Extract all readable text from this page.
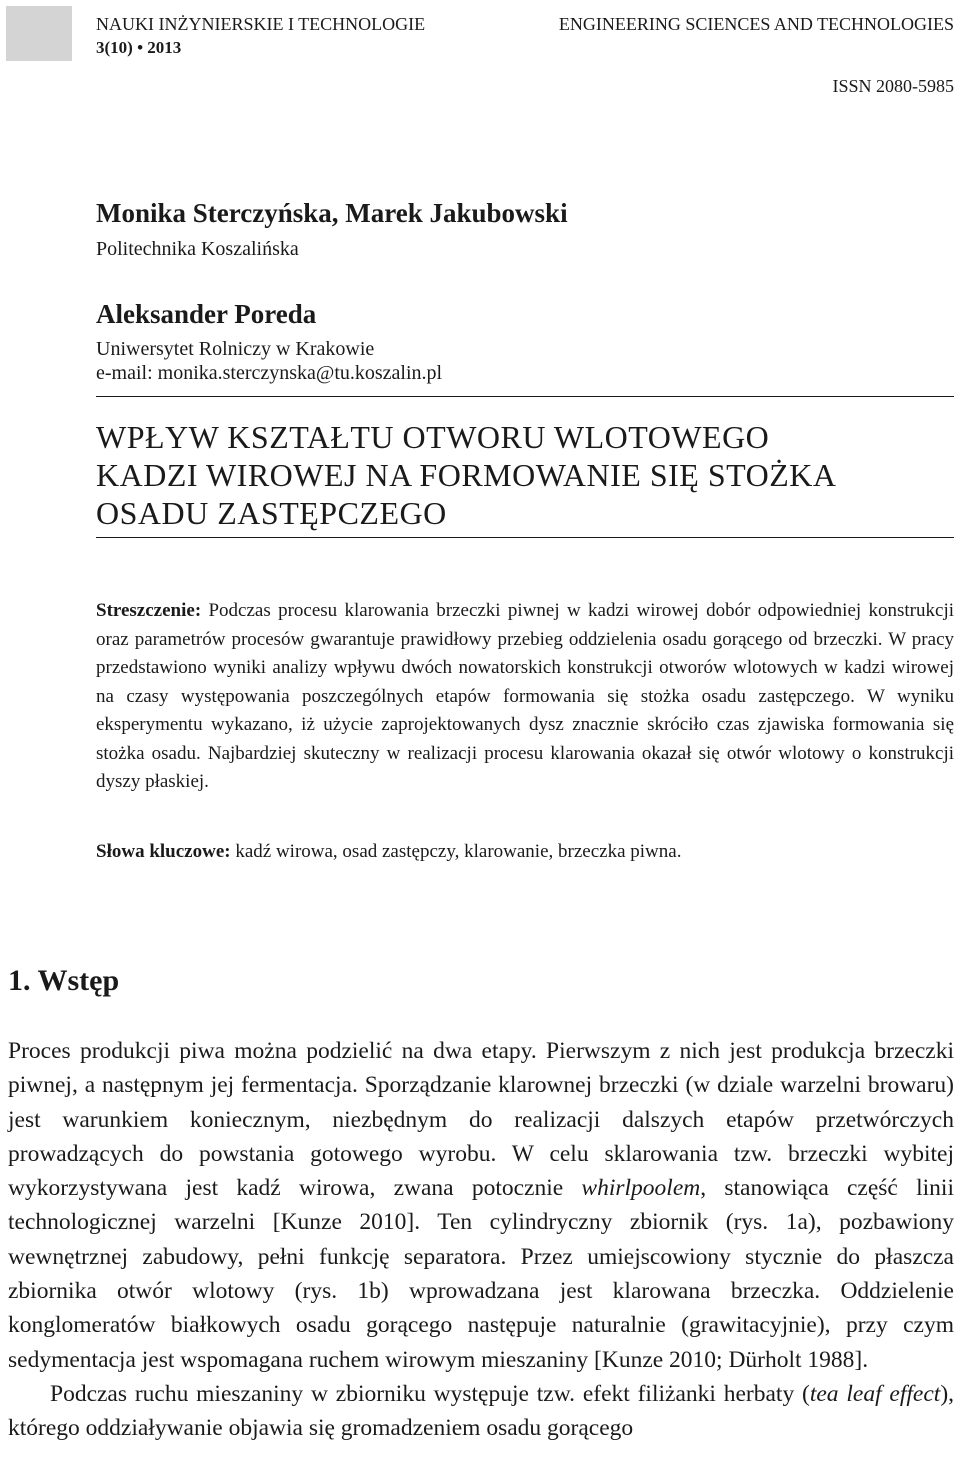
NAUKI INŻYNIERSKIE I TECHNOLOGIE	ENGINEERING SCIENCES AND TECHNOLOGIES
3(10) • 2013
ISSN 2080-5985
Monika Sterczyńska, Marek Jakubowski
Politechnika Koszalińska
Aleksander Poreda
Uniwersytet Rolniczy w Krakowie
e-mail: monika.sterczynska@tu.koszalin.pl
WPŁYW KSZTAŁTU OTWORU WLOTOWEGO
KADZI WIROWEJ NA FORMOWANIE SIĘ STOŻKA
OSADU ZASTĘPCZEGO

Streszczenie: Podczas procesu klarowania brzeczki piwnej w kadzi wirowej dobór odpowiedniej konstrukcji oraz parametrów procesów gwarantuje prawidłowy przebieg oddzielenia osadu gorącego od brzeczki. W pracy przedstawiono wyniki analizy wpływu dwóch nowatorskich konstrukcji otworów wlotowych w kadzi wirowej na czasy występowania poszczególnych etapów formowania się stożka osadu zastępczego. W wyniku eksperymentu wykazano, iż użycie zaprojektowanych dysz znacznie skróciło czas zjawiska formowania się stożka osadu. Najbardziej skuteczny w realizacji procesu klarowania okazał się otwór wlotowy o konstrukcji dyszy płaskiej.

Słowa kluczowe: kadź wirowa, osad zastępczy, klarowanie, brzeczka piwna.

1. Wstęp

Proces produkcji piwa można podzielić na dwa etapy. Pierwszym z nich jest produkcja brzeczki piwnej, a następnym jej fermentacja. Sporządzanie klarownej brzeczki (w dziale warzelni browaru) jest warunkiem koniecznym, niezbędnym do realizacji dalszych etapów przetwórczych prowadzących do powstania gotowego wyrobu. W celu sklarowania tzw. brzeczki wybitej wykorzystywana jest kadź wirowa, zwana potocznie whirlpoolem, stanowiąca część linii technologicznej warzelni [Kunze 2010]. Ten cylindryczny zbiornik (rys. 1a), pozbawiony wewnętrznej zabudowy, pełni funkcję separatora. Przez umiejscowiony stycznie do płaszcza zbiornika otwór wlotowy (rys. 1b) wprowadzana jest klarowana brzeczka. Oddzielenie konglomeratów białkowych osadu gorącego następuje naturalnie (grawitacyjnie), przy czym sedymentacja jest wspomagana ruchem wirowym mieszaniny [Kunze 2010; Dürholt 1988].

Podczas ruchu mieszaniny w zbiorniku występuje tzw. efekt filiżanki herbaty (tea leaf effect), którego oddziaływanie objawia się gromadzeniem osadu gorącego
